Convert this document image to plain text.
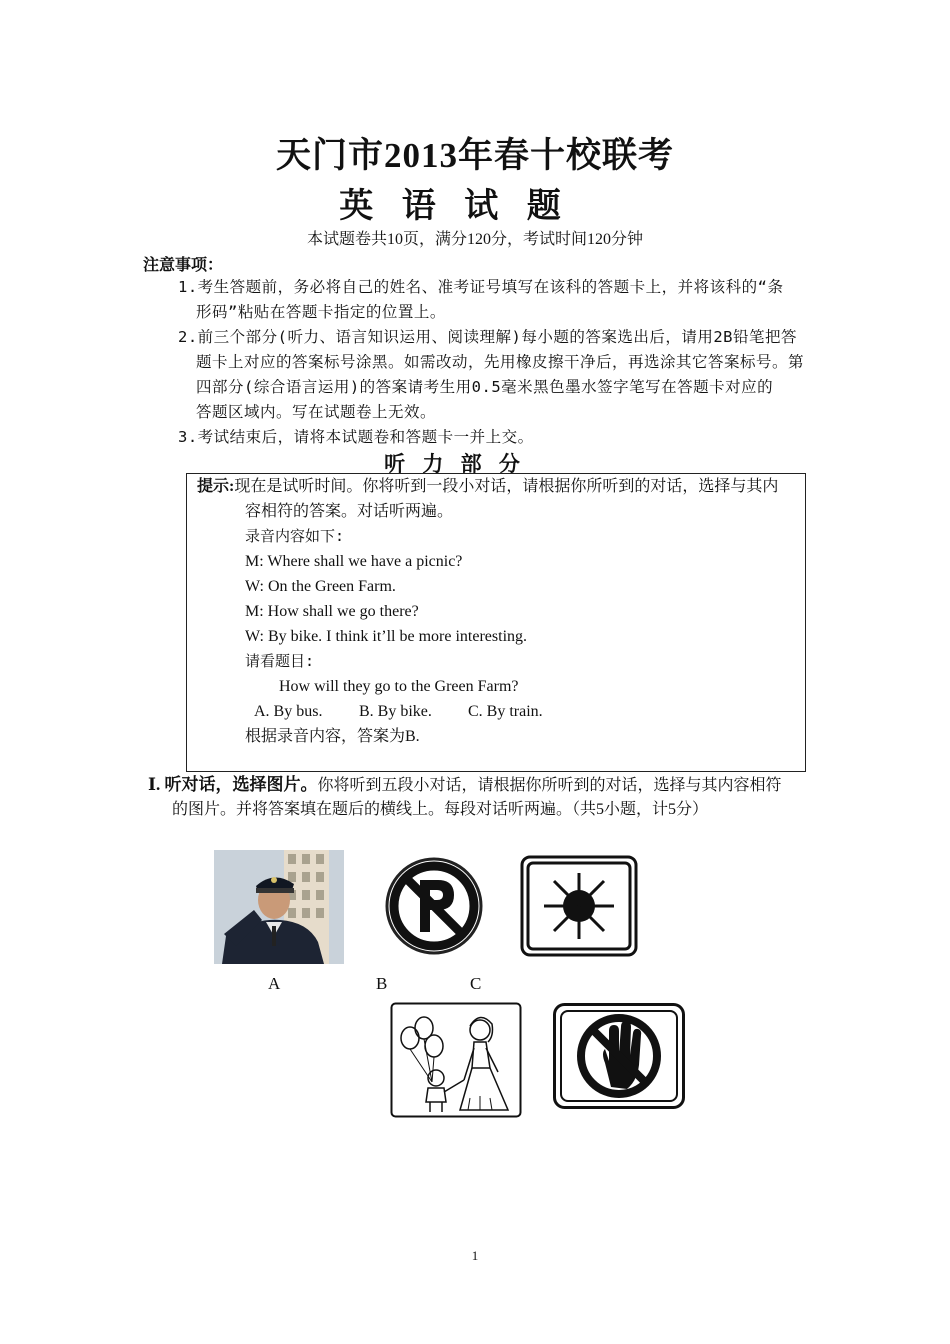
天门市2013年春十校联考
英 语 试 题
本试题卷共10页，满分120分，考试时间120分钟
注意事项：
1.考生答题前，务必将自己的姓名、准考证号填写在该科的答题卡上，并将该科的“条
形码”粘贴在答题卡指定的位置上。
2.前三个部分(听力、语言知识运用、阅读理解)每小题的答案选出后，请用2B铅笔把答
题卡上对应的答案标号涂黑。如需改动，先用橡皮擦干净后，再选涂其它答案标号。第
四部分(综合语言运用)的答案请考生用0.5毫米黑色墨水签字笔写在答题卡对应的
答题区域内。写在试题卷上无效。
3.考试结束后，请将本试题卷和答题卡一并上交。
听 力 部 分
提示:现在是试听时间。你将听到一段小对话，请根据你所听到的对话，选择与其内
容相符的答案。对话听两遍。
录音内容如下:
M: Where shall we have a picnic?
W: On the Green Farm.
M: How shall we go there?
W: By bike. I think it’ll be more interesting.
请看题目:
How will they go to the Green Farm?
A. By bus. B. By bike. C. By train.
根据录音内容，答案为B.
Ⅰ. 听对话，选择图片。你将听到五段小对话，请根据你所听到的对话，选择与其内容相符
的图片。并将答案填在题后的横线上。每段对话听两遍。（共5小题，计5分）
A	B	C
1
